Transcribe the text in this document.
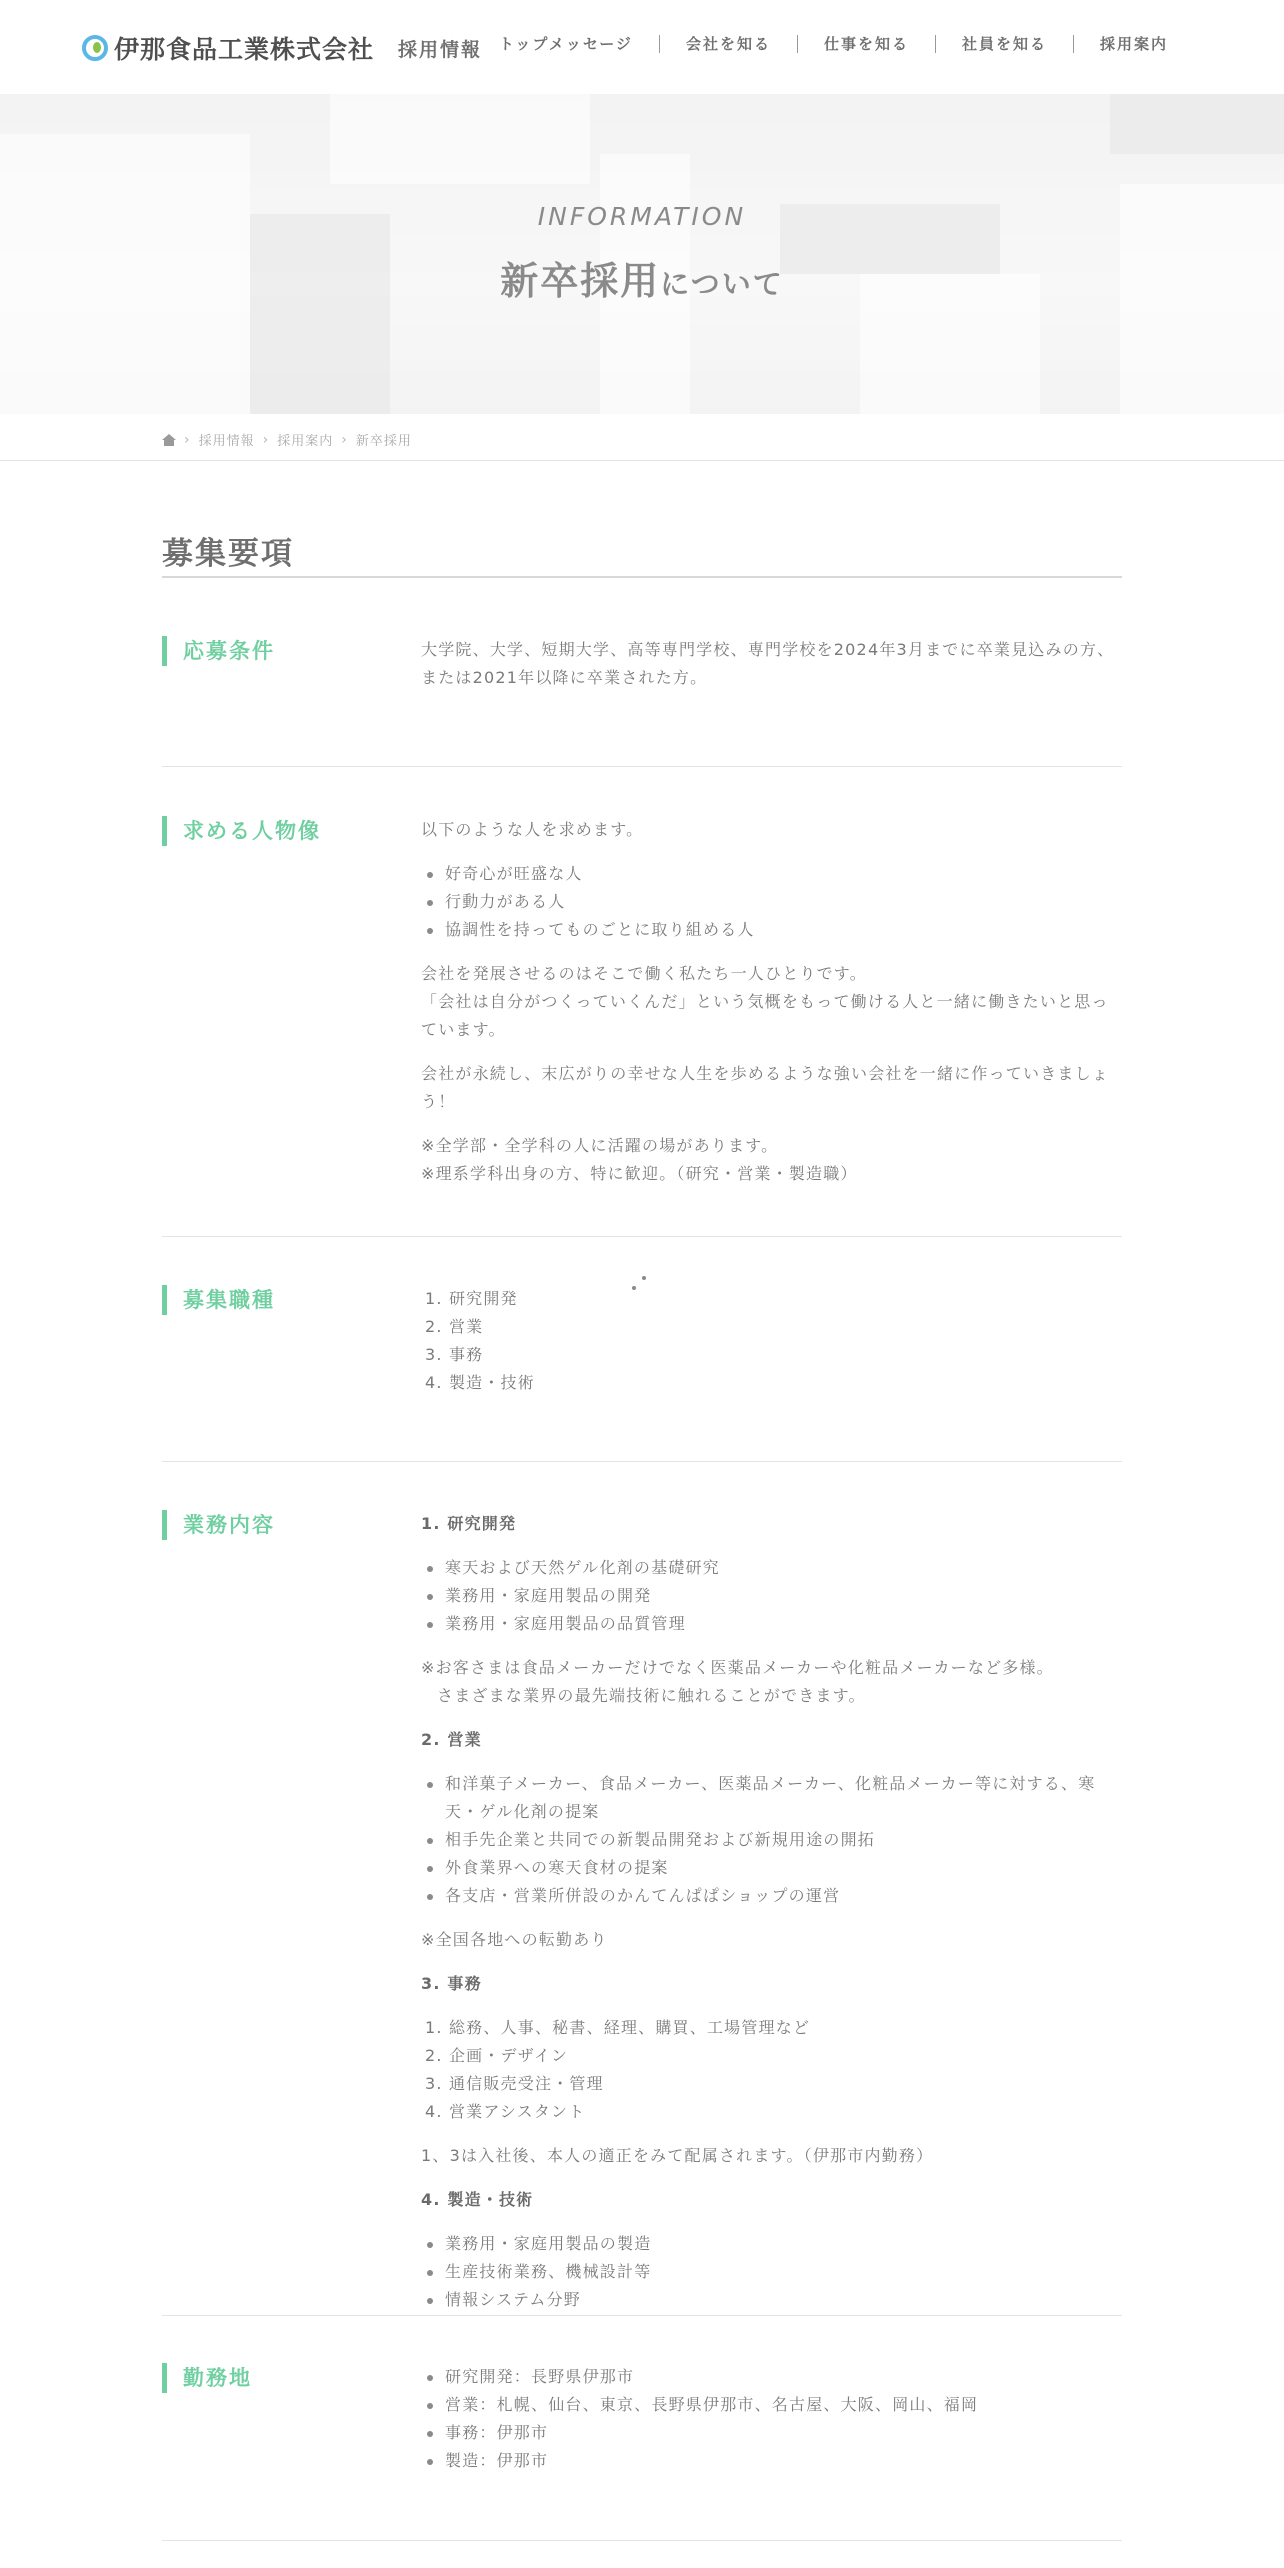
伊那食品工業株式会社 採用情報	トップメッセージ	会社を知る	仕事を知る	社員を知る	採用案内
INFORMATION
新卒採用について
› 採用情報 › 採用案内 › 新卒採用
募集要項
応募条件	大学院、大学、短期大学、高等専門学校、専門学校を2024年3月までに卒業見込みの方、または2021年以降に卒業された方。

求める人物像	以下のような人を求めます。

好奇心が旺盛な人
行動力がある人
協調性を持ってものごとに取り組める人

会社を発展させるのはそこで働く私たち一人ひとりです。
「会社は自分がつくっていくんだ」という気概をもって働ける人と一緒に働きたいと思っています。

会社が永続し、末広がりの幸せな人生を歩めるような強い会社を一緒に作っていきましょう！

※全学部・全学科の人に活躍の場があります。
※理系学科出身の方、特に歓迎。（研究・営業・製造職）

募集職種	1. 研究開発
2. 営業
3. 事務
4. 製造・技術
業務内容	1. 研究開発

寒天および天然ゲル化剤の基礎研究
業務用・家庭用製品の開発
業務用・家庭用製品の品質管理

※お客さまは食品メーカーだけでなく医薬品メーカーや化粧品メーカーなど多様。
さまざまな業界の最先端技術に触れることができます。

2. 営業

和洋菓子メーカー、食品メーカー、医薬品メーカー、化粧品メーカー等に対する、寒天・ゲル化剤の提案
相手先企業と共同での新製品開発および新規用途の開拓
外食業界への寒天食材の提案
各支店・営業所併設のかんてんぱぱショップの運営

※全国各地への転勤あり

3. 事務

1. 総務、人事、秘書、経理、購買、工場管理など
2. 企画・デザイン
3. 通信販売受注・管理
4. 営業アシスタント

1、3は入社後、本人の適正をみて配属されます。（伊那市内勤務）

4. 製造・技術

業務用・家庭用製品の製造
生産技術業務、機械設計等
情報システム分野
勤務地	研究開発：長野県伊那市
営業：札幌、仙台、東京、長野県伊那市、名古屋、大阪、岡山、福岡
事務：伊那市
製造：伊那市
